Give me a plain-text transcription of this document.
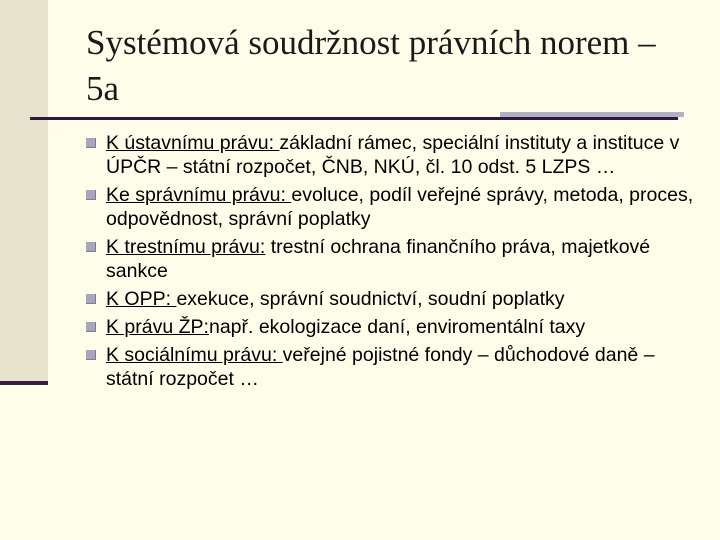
Systémová soudržnost právních norem – 5a
K ústavnímu právu: základní rámec, speciální instituty a instituce v ÚPČR – státní rozpočet, ČNB, NKÚ, čl. 10 odst. 5 LZPS …
Ke správnímu právu: evoluce, podíl veřejné správy, metoda, proces, odpovědnost, správní poplatky
K trestnímu právu: trestní ochrana finančního práva, majetkové sankce
K OPP: exekuce, správní soudnictví, soudní poplatky
K právu ŽP:např. ekologizace daní, enviromentální taxy
K sociálnímu právu: veřejné pojistné fondy – důchodové daně – státní rozpočet …
